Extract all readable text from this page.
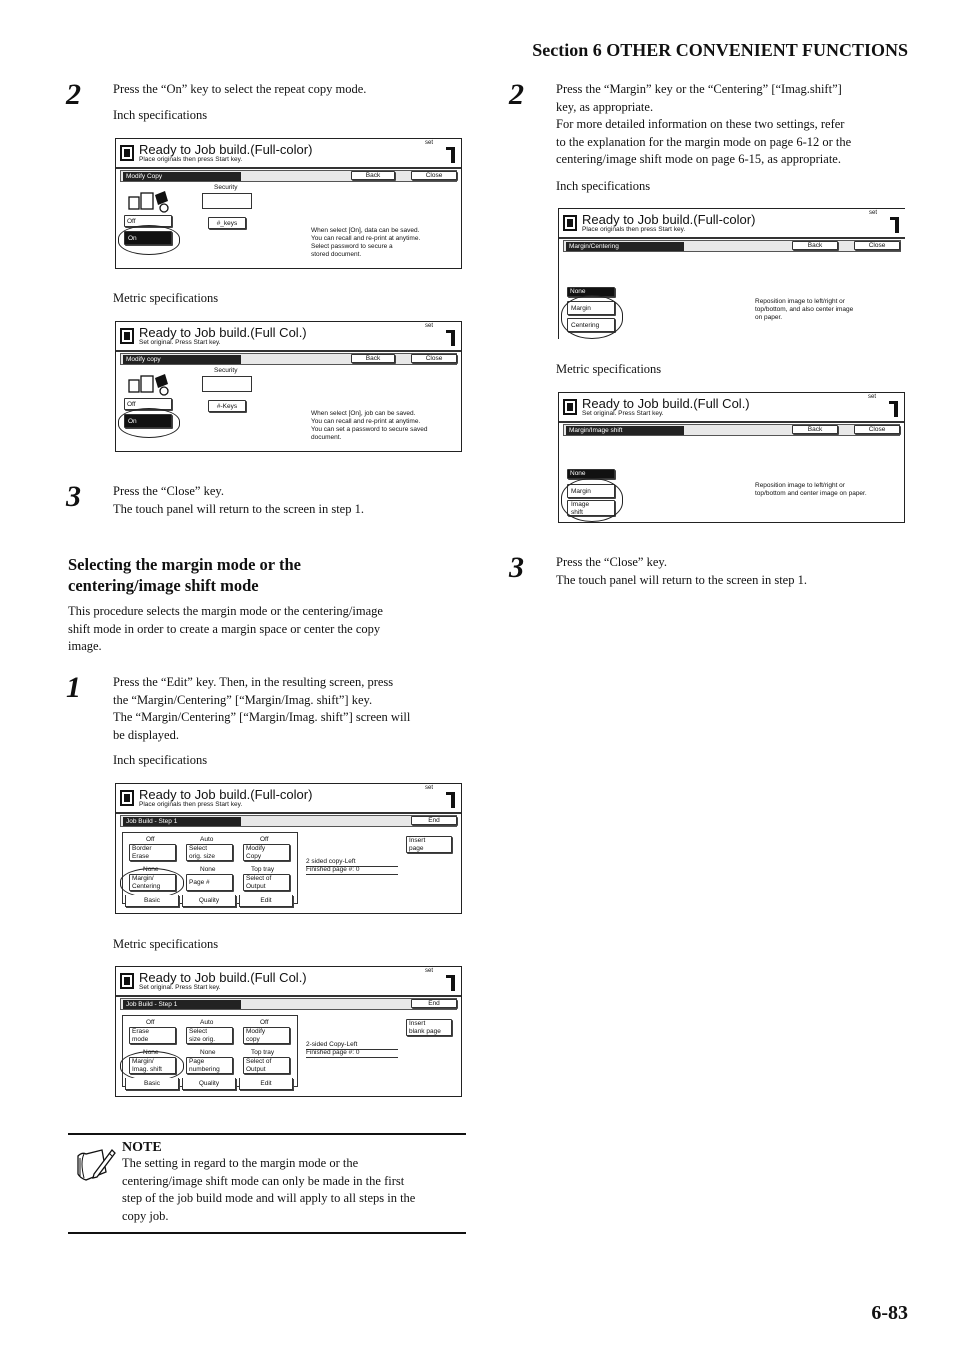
Section 6 OTHER CONVENIENT FUNCTIONS
6-83
2	Press the “On” key to select the repeat copy mode.
Inch specifications
Ready to Job build.(Full-color)
Place originals then press Start key.
set
Modify Copy	Back	Close
Security
Off
On
#_keys
When select [On], data can be saved.
You can recall and re-print at anytime.
Select password to secure a
stored document.
Metric specifications
Ready to Job build.(Full Col.)
Set original. Press Start key.
set
Modify copy	Back	Close
Security
Off
On
#-Keys
When select [On], job can be saved.
You can recall and re-print at anytime.
You can set a password to secure saved
document.
3	Press the “Close” key.
The touch panel will return to the screen in step 1.
Selecting the margin mode or the
centering/image shift mode
This procedure selects the margin mode or the centering/image
shift mode in order to create a margin space or center the copy
image.
1	Press the “Edit” key. Then, in the resulting screen, press
the “Margin/Centering” [“Margin/Imag. shift”] key.
The “Margin/Centering” [“Margin/Imag. shift”] screen will
be displayed.
Inch specifications
Ready to Job build.(Full-color)
Place originals then press Start key.
set
Job Build - Step 1	End
Off
Border
Erase
None
Margin/
Centering
Auto
Select
orig. size
None
Page #
Off
Modify
Copy
Top tray
Select of
Output
Basic	Quality	Edit
Insert
page
2 sided copy-Left
Finished page #: 0
Metric specifications
Ready to Job build.(Full Col.)
Set original. Press Start key.
set
Job Build - Step 1	End
Off
Erase
mode
None
Margin/
Imag. shift
Auto
Select
size orig.
None
Page
numbering
Off
Modify
copy
Top tray
Select of
Output
Basic	Quality	Edit
Insert
blank page
2-sided Copy-Left
Finished page #: 0
NOTE
The setting in regard to the margin mode or the
centering/image shift mode can only be made in the first
step of the job build mode and will apply to all steps in the
copy job.
2	Press the “Margin” key or the “Centering” [“Imag.shift”]
key, as appropriate.
For more detailed information on these two settings, refer
to the explanation for the margin mode on page 6-12 or the
centering/image shift mode on page 6-15, as appropriate.
Inch specifications
Ready to Job build.(Full-color)
Place originals then press Start key.
set
Margin/Centering	Back	Close
None
Margin
Centering
Reposition image to left/right or
top/bottom, and also center image
on paper.
Metric specifications
Ready to Job build.(Full Col.)
Set original. Press Start key.
set
Margin/Image shift	Back	Close
None
Margin
Image
shift
Reposition image to left/right or
top/bottom and center image on paper.
3	Press the “Close” key.
The touch panel will return to the screen in step 1.
